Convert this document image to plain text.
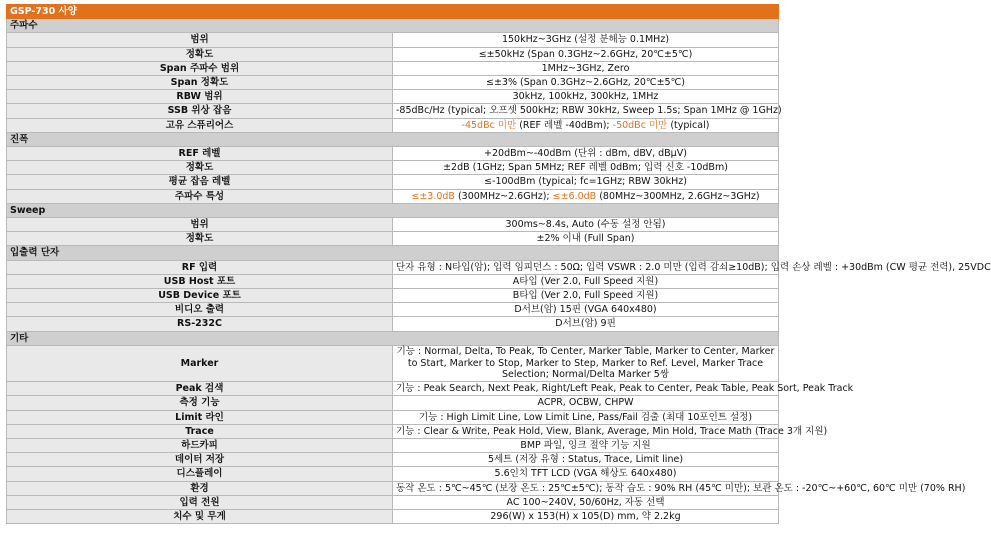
GSP-730 사양	
주파수	
범위	150kHz~3GHz (설정 분해능 0.1MHz)
정확도	≤±50kHz (Span 0.3GHz~2.6GHz, 20℃±5℃)
Span 주파수 범위	1MHz~3GHz, Zero
Span 정확도	≤±3% (Span 0.3GHz~2.6GHz, 20℃±5℃)
RBW 범위	30kHz, 100kHz, 300kHz, 1MHz
SSB 위상 잡음	-85dBc/Hz (typical; 오프셋 500kHz; RBW 30kHz, Sweep 1.5s; Span 1MHz @ 1GHz)
고유 스퓨리어스	-45dBc 미만 (REF 레벨 -40dBm); -50dBc 미만 (typical)
진폭	
REF 레벨	+20dBm~-40dBm (단위 : dBm, dBV, dBμV)
정확도	±2dB (1GHz; Span 5MHz; REF 레벨 0dBm; 입력 신호 -10dBm)
평균 잡음 레벨	≤-100dBm (typical; fc=1GHz; RBW 30kHz)
주파수 특성	≤±3.0dB (300MHz~2.6GHz); ≤±6.0dB (80MHz~300MHz, 2.6GHz~3GHz)
Sweep	
범위	300ms~8.4s, Auto (수동 설정 안됨)
정확도	±2% 이내 (Full Span)
입출력 단자	
RF 입력	단자 유형 : N타입(암); 입력 임피던스 : 50Ω; 입력 VSWR : 2.0 미만 (입력 감쇠≥10dB); 입력 손상 레벨 : +30dBm (CW 평균 전력), 25VDC
USB Host 포트	A타입 (Ver 2.0, Full Speed 지원)
USB Device 포트	B타입 (Ver 2.0, Full Speed 지원)
비디오 출력	D서브(암) 15핀 (VGA 640x480)
RS-232C	D서브(암) 9핀
기타	
Marker	기능 : Normal, Delta, To Peak, To Center, Marker Table, Marker to Center, Marker to Start, Marker to Stop, Marker to Step, Marker to Ref. Level, Marker Trace Selection; Normal/Delta Marker 5쌍
Peak 검색	기능 : Peak Search, Next Peak, Right/Left Peak, Peak to Center, Peak Table, Peak Sort, Peak Track
측정 기능	ACPR, OCBW, CHPW
Limit 라인	기능 : High Limit Line, Low Limit Line, Pass/Fail 검출 (최대 10포인트 설정)
Trace	기능 : Clear & Write, Peak Hold, View, Blank, Average, Min Hold, Trace Math (Trace 3개 지원)
하드카피	BMP 파일, 잉크 절약 기능 지원
데이터 저장	5세트 (저장 유형 : Status, Trace, Limit line)
디스플레이	5.6인치 TFT LCD (VGA 해상도 640x480)
환경	동작 온도 : 5℃~45℃ (보장 온도 : 25℃±5℃); 동작 습도 : 90% RH (45℃ 미만); 보관 온도 : -20℃~+60℃, 60℃ 미만 (70% RH)
입력 전원	AC 100~240V, 50/60Hz, 자동 선택
치수 및 무게	296(W) x 153(H) x 105(D) mm, 약 2.2kg
